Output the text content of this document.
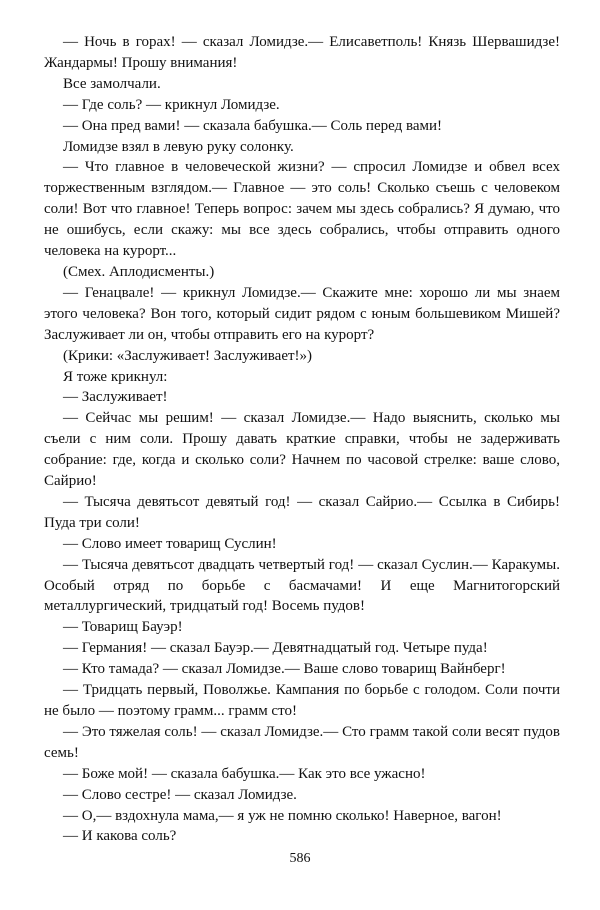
— Ночь в горах! — сказал Ломидзе.— Елисаветполь! Князь Шервашидзе! Жандармы! Прошу внимания!

Все замолчали.

— Где соль? — крикнул Ломидзе.

— Она пред вами! — сказала бабушка.— Соль перед вами!

Ломидзе взял в левую руку солонку.

— Что главное в человеческой жизни? — спросил Ломидзе и обвел всех торжественным взглядом.— Главное — это соль! Сколько съешь с человеком соли! Вот что главное! Теперь вопрос: зачем мы здесь собрались? Я думаю, что не ошибусь, если скажу: мы все здесь собрались, чтобы отправить одного человека на курорт...

(Смех. Аплодисменты.)

— Генацвале! — крикнул Ломидзе.— Скажите мне: хорошо ли мы знаем этого человека? Вон того, который сидит рядом с юным большевиком Мишей? Заслуживает ли он, чтобы отправить его на курорт?

(Крики: «Заслуживает! Заслуживает!»)

Я тоже крикнул:

— Заслуживает!

— Сейчас мы решим! — сказал Ломидзе.— Надо выяснить, сколько мы съели с ним соли. Прошу давать краткие справки, чтобы не задерживать собрание: где, когда и сколько соли? Начнем по часовой стрелке: ваше слово, Сайрио!

— Тысяча девятьсот девятый год! — сказал Сайрио.— Ссылка в Сибирь! Пуда три соли!

— Слово имеет товарищ Суслин!

— Тысяча девятьсот двадцать четвертый год! — сказал Суслин.— Каракумы. Особый отряд по борьбе с басмачами! И еще Магнитогорский металлургический, тридцатый год! Восемь пудов!

— Товарищ Бауэр!

— Германия! — сказал Бауэр.— Девятнадцатый год. Четыре пуда!

— Кто тамада? — сказал Ломидзе.— Ваше слово товарищ Вайнберг!

— Тридцать первый, Поволжье. Кампания по борьбе с голодом. Соли почти не было — поэтому грамм... грамм сто!

— Это тяжелая соль! — сказал Ломидзе.— Сто грамм такой соли весят пудов семь!

— Боже мой! — сказала бабушка.— Как это все ужасно!

— Слово сестре! — сказал Ломидзе.

— О,— вздохнула мама,— я уж не помню сколько! Наверное, вагон!

— И какова соль?

586
